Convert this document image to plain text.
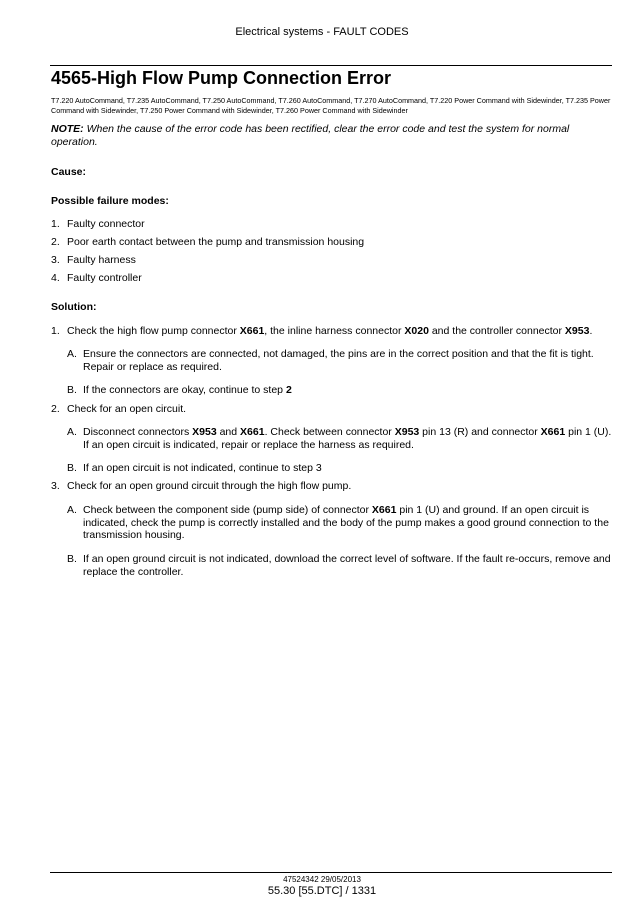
Electrical systems - FAULT CODES
4565-High Flow Pump Connection Error
T7.220 AutoCommand, T7.235 AutoCommand, T7.250 AutoCommand, T7.260 AutoCommand, T7.270 AutoCommand, T7.220 Power Command with Sidewinder, T7.235 Power Command with Sidewinder, T7.250 Power Command with Sidewinder, T7.260 Power Command with Sidewinder
NOTE: When the cause of the error code has been rectified, clear the error code and test the system for normal operation.
Cause:
Possible failure modes:
1. Faulty connector
2. Poor earth contact between the pump and transmission housing
3. Faulty harness
4. Faulty controller
Solution:
1. Check the high flow pump connector X661, the inline harness connector X020 and the controller connector X953.
A. Ensure the connectors are connected, not damaged, the pins are in the correct position and that the fit is tight. Repair or replace as required.
B. If the connectors are okay, continue to step 2
2. Check for an open circuit.
A. Disconnect connectors X953 and X661. Check between connector X953 pin 13 (R) and connector X661 pin 1 (U). If an open circuit is indicated, repair or replace the harness as required.
B. If an open circuit is not indicated, continue to step 3
3. Check for an open ground circuit through the high flow pump.
A. Check between the component side (pump side) of connector X661 pin 1 (U) and ground. If an open circuit is indicated, check the pump is correctly installed and the body of the pump makes a good ground connection to the transmission housing.
B. If an open ground circuit is not indicated, download the correct level of software. If the fault re-occurs, remove and replace the controller.
47524342 29/05/2013
55.30 [55.DTC] / 1331
